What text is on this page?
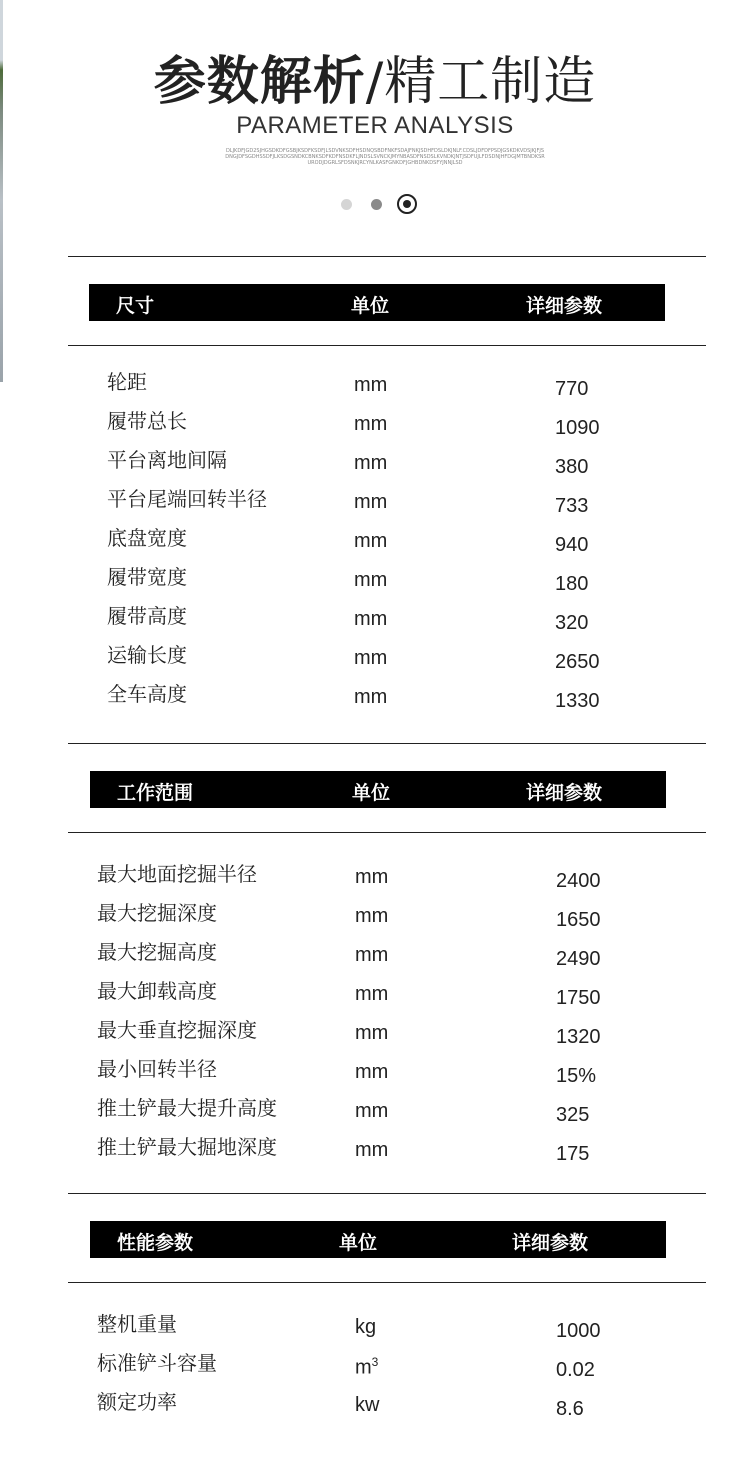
参数解析/精工制造
PARAMETER ANALYSIS
DLJKDFJGD2SJHGSDKDFGSBJKSDFKSDFJLSDVNKSDFHSDNQSBDFNKFSDAJFNKJSDHFDSLDKJNLF.CDSLJDFDFPSDJGSKDKVDSJKJFJSDNGJDFSGDHSSDFJLKSDGSNDKCBNKSDFKDFNSDKFLJNDSLSVNCKJMYNBASDFNSDSLKVNDKJNTJSDFUJLFDSDNJHFDGJMTBNDKSRURODJDGRLSFDSNKJRCYNLKASFGNKDFJGHBDNKDSFYJNNJLSD
尺寸	单位	详细参数
轮距	mm	770
履带总长	mm	1090
平台离地间隔	mm	380
平台尾端回转半径	mm	733
底盘宽度	mm	940
履带宽度	mm	180
履带高度	mm	320
运输长度	mm	2650
全车高度	mm	1330
工作范围	单位	详细参数
最大地面挖掘半径	mm	2400
最大挖掘深度	mm	1650
最大挖掘高度	mm	2490
最大卸载高度	mm	1750
最大垂直挖掘深度	mm	1320
最小回转半径	mm	15%
推土铲最大提升高度	mm	325
推土铲最大掘地深度	mm	175
性能参数	单位	详细参数
整机重量	kg	1000
标准铲斗容量	$m^3$	0.02
额定功率	kw	8.6
